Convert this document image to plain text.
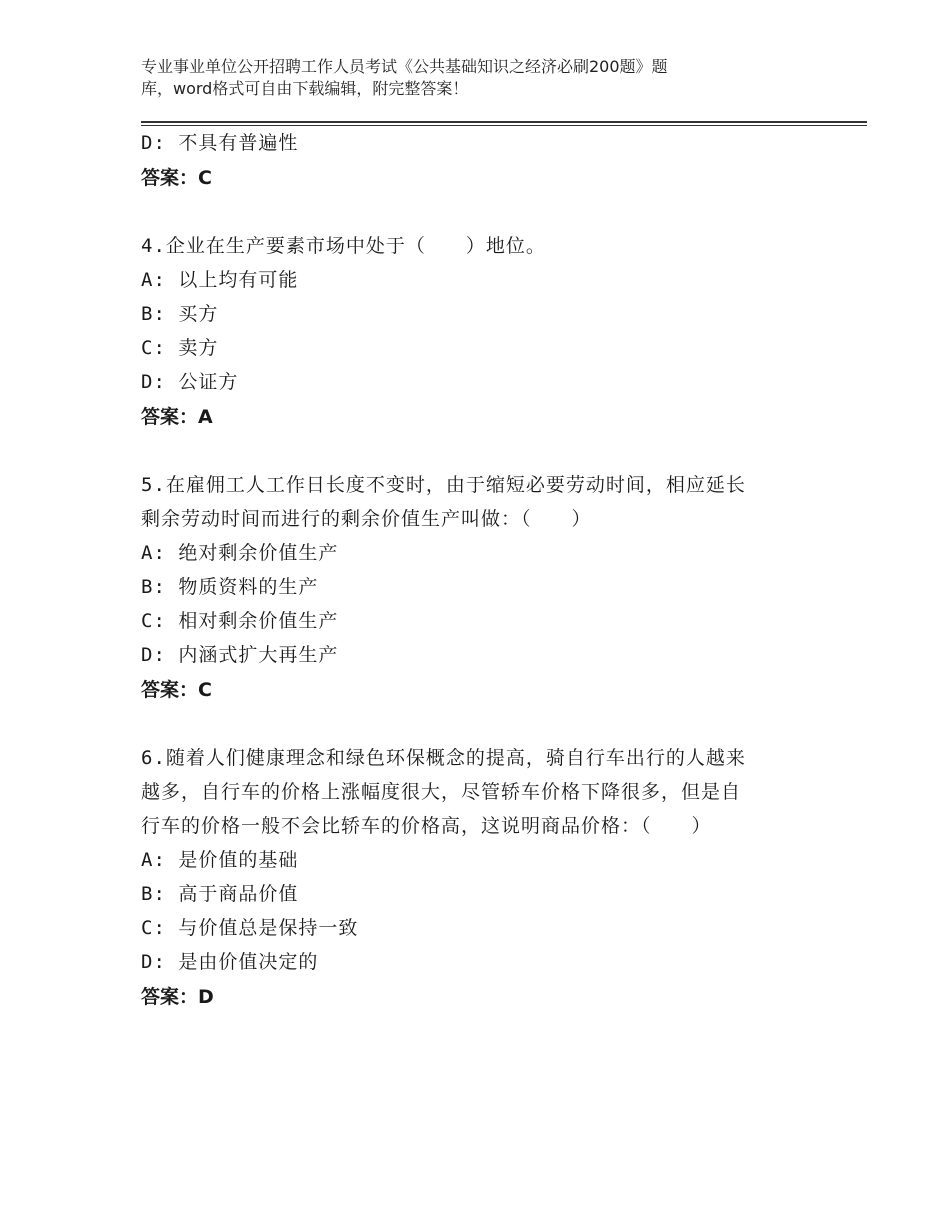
专业事业单位公开招聘工作人员考试《公共基础知识之经济必刷200题》题
库，word格式可自由下载编辑，附完整答案！
D: 不具有普遍性
答案：C
4.企业在生产要素市场中处于（　　）地位。
A: 以上均有可能
B: 买方
C: 卖方
D: 公证方
答案：A
5.在雇佣工人工作日长度不变时，由于缩短必要劳动时间，相应延长
剩余劳动时间而进行的剩余价值生产叫做：（　　）
A: 绝对剩余价值生产
B: 物质资料的生产
C: 相对剩余价值生产
D: 内涵式扩大再生产
答案：C
6.随着人们健康理念和绿色环保概念的提高，骑自行车出行的人越来
越多，自行车的价格上涨幅度很大，尽管轿车价格下降很多，但是自
行车的价格一般不会比轿车的价格高，这说明商品价格：（　　）
A: 是价值的基础
B: 高于商品价值
C: 与价值总是保持一致
D: 是由价值决定的
答案：D
